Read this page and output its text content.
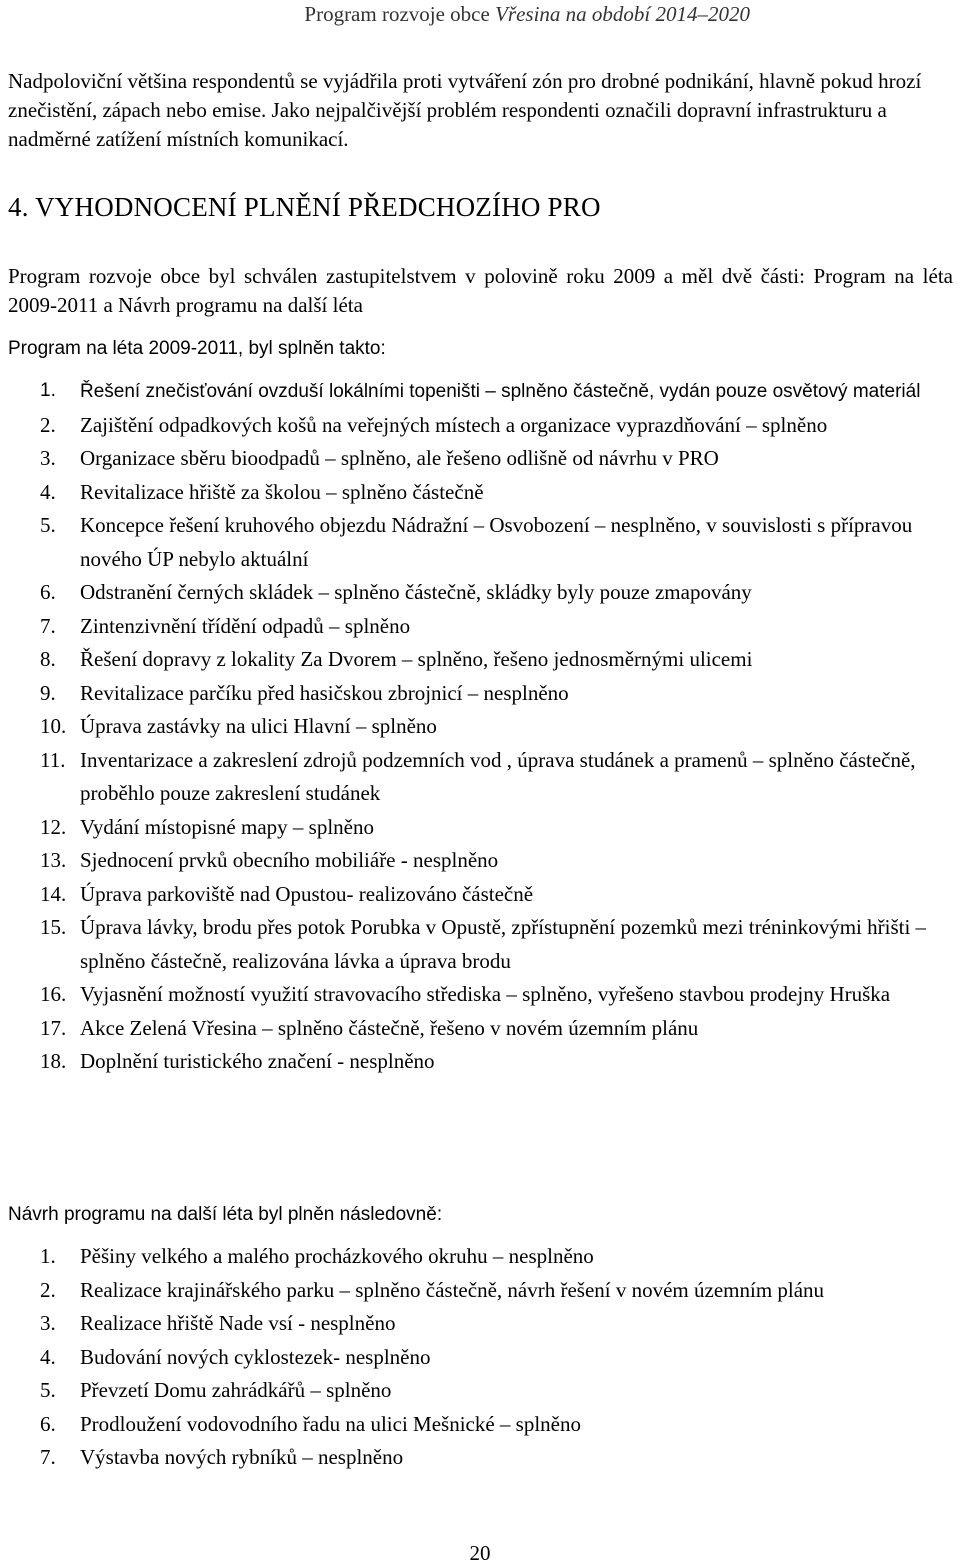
Program rozvoje obce Vřesina na období 2014–2020

Nadpoloviční většina respondentů se vyjádřila proti vytváření zón pro drobné podnikání, hlavně pokud hrozí znečistění, zápach nebo emise. Jako nejpalčivější problém respondenti označili dopravní infrastrukturu a nadměrné zatížení místních komunikací.

4. VYHODNOCENÍ PLNĚNÍ PŘEDCHOZÍHO PRO

Program rozvoje obce byl schválen zastupitelstvem v polovině roku 2009 a měl dvě části: Program na léta 2009-2011 a Návrh programu na další léta

Program na léta 2009-2011, byl splněn takto:

1. Řešení znečisťování ovzduší lokálními topeništi – splněno částečně, vydán pouze osvětový materiál
2. Zajištění odpadkových košů na veřejných místech a organizace vyprazdňování – splněno
3. Organizace sběru bioodpadů – splněno, ale řešeno odlišně od návrhu v PRO
4. Revitalizace hřiště za školou – splněno částečně
5. Koncepce řešení kruhového objezdu Nádražní – Osvobození – nesplněno, v souvislosti s přípravou nového ÚP nebylo aktuální
6. Odstranění černých skládek – splněno částečně, skládky byly pouze zmapovány
7. Zintenzivnění třídění odpadů – splněno
8. Řešení dopravy z lokality Za Dvorem – splněno, řešeno jednosměrnými ulicemi
9. Revitalizace parčíku před hasičskou zbrojnicí – nesplněno
10. Úprava zastávky na ulici Hlavní – splněno
11. Inventarizace a zakreslení zdrojů podzemních vod , úprava studánek a pramenů – splněno částečně, proběhlo pouze zakreslení studánek
12. Vydání místopisné mapy – splněno
13. Sjednocení prvků obecního mobiliáře - nesplněno
14. Úprava parkoviště nad Opustou- realizováno částečně
15. Úprava lávky, brodu přes potok Porubka v Opustě, zpřístupnění pozemků mezi tréninkovými hřišti – splněno částečně, realizována lávka a úprava brodu
16. Vyjasnění možností využití stravovacího střediska – splněno, vyřešeno stavbou prodejny Hruška
17. Akce Zelená Vřesina – splněno částečně, řešeno v novém územním plánu
18. Doplnění turistického značení - nesplněno

Návrh programu na další léta byl plněn následovně:

1. Pěšiny velkého a malého procházkového okruhu – nesplněno
2. Realizace krajinářského parku – splněno částečně, návrh řešení v novém územním plánu
3. Realizace hřiště Nade vsí - nesplněno
4. Budování nových cyklostezek- nesplněno
5. Převzetí Domu zahrádkářů – splněno
6. Prodloužení vodovodního řadu na ulici Mešnické – splněno
7. Výstavba nových rybníků – nesplněno
20
